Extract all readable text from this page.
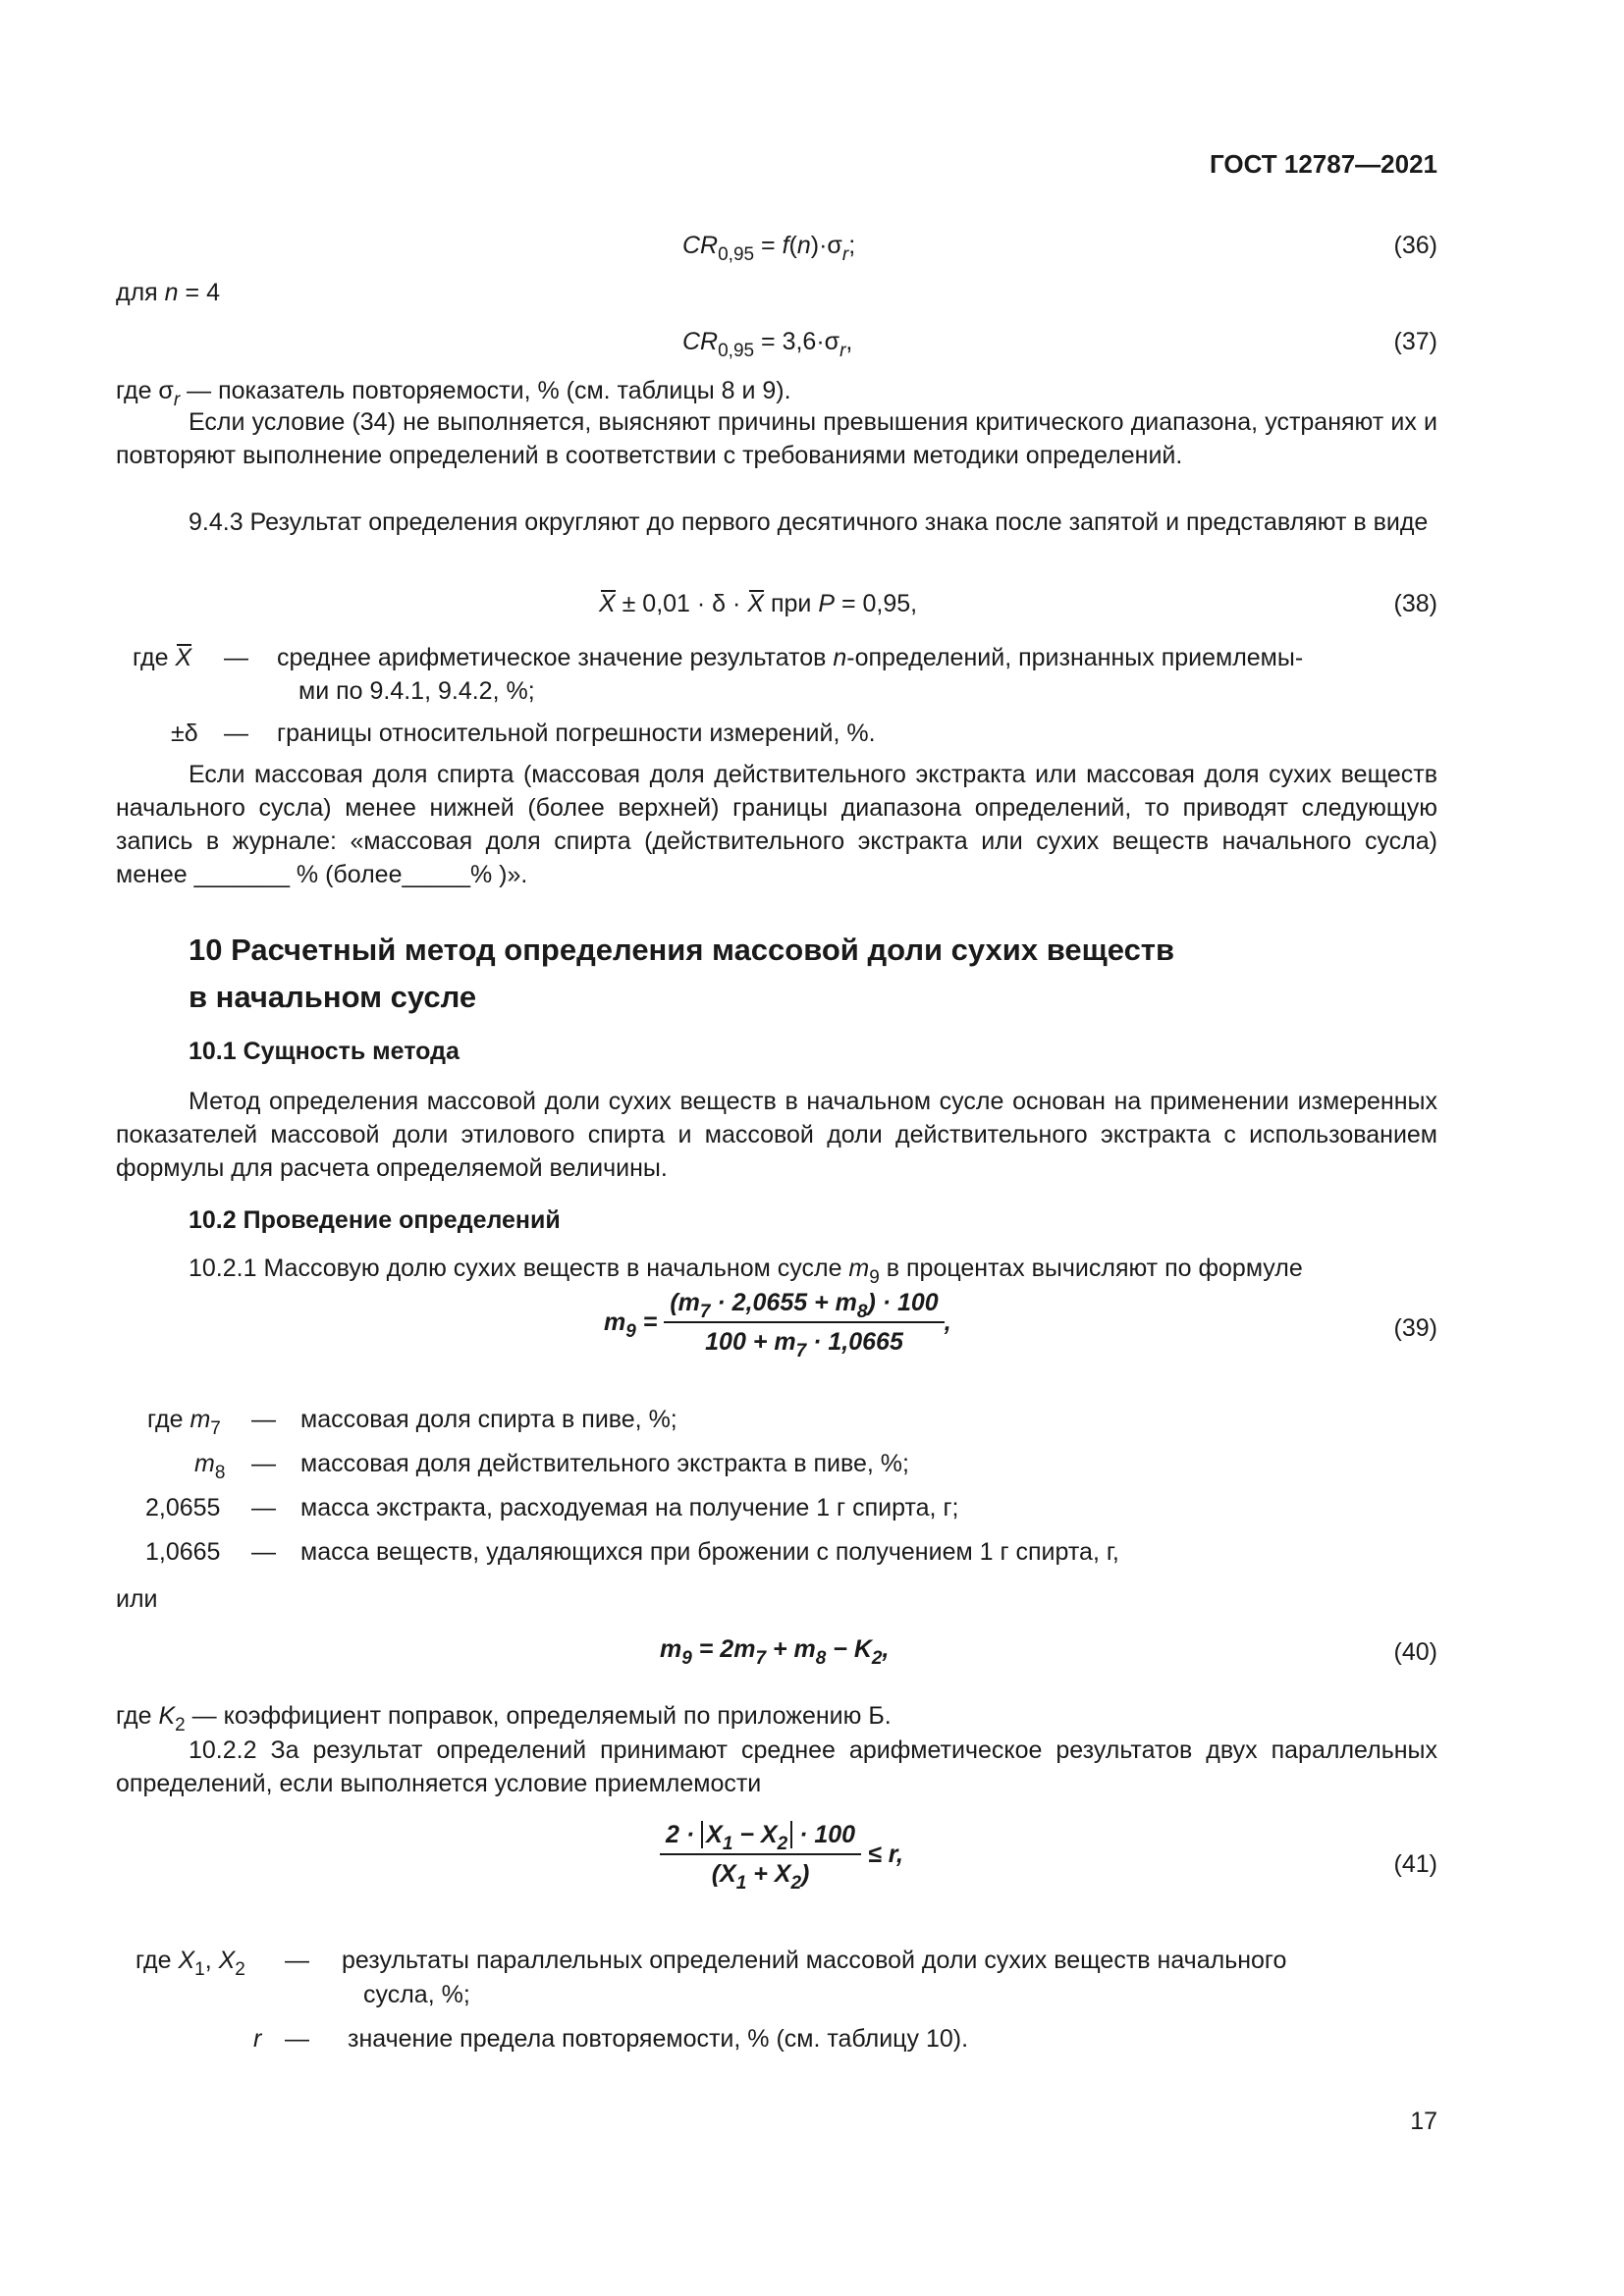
ГОСТ 12787—2021
$CR_{0,95} = f(n)\cdot\sigma_r$;	(36)
для n = 4
$CR_{0,95} = 3,6\cdot\sigma_r$,	(37)
где $\sigma_r$ — показатель повторяемости, % (см. таблицы 8 и 9).

Если условие (34) не выполняется, выясняют причины превышения критического диапазона, устраняют их и повторяют выполнение определений в соответствии с требованиями методики определений.

9.4.3 Результат определения округляют до первого десятичного знака после запятой и представляют в виде

X ± 0,01 · δ · X при P = 0,95,	(38)
где X — среднее арифметическое значение результатов n-определений, признанных приемлемы-
ми по 9.4.1, 9.4.2, %;
±δ — границы относительной погрешности измерений, %.

Если массовая доля спирта (массовая доля действительного экстракта или массовая доля сухих веществ начального сусла) менее нижней (более верхней) границы диапазона определений, то приводят следующую запись в журнале: «массовая доля спирта (действительного экстракта или сухих веществ начального сусла) менее _______ % (более_____% )».

10 Расчетный метод определения массовой доли сухих веществ
в начальном сусле
10.1 Сущность метода

Метод определения массовой доли сухих веществ в начальном сусле основан на применении измеренных показателей массовой доли этилового спирта и массовой доли действительного экстракта с использованием формулы для расчета определяемой величины.

10.2 Проведение определений
10.2.1 Массовую долю сухих веществ в начальном сусле $m_9$ в процентах вычисляют по формуле
$m_9 = \frac{(m_7 \cdot 2,0655 + m_8) \cdot 100}{100 + m_7 \cdot 1,0665}$ ,	(39)
где $m_7$ — массовая доля спирта в пиве, %;
$m_8$ — массовая доля действительного экстракта в пиве, %;
2,0655 — масса экстракта, расходуемая на получение 1 г спирта, г;
1,0665 — масса веществ, удаляющихся при брожении с получением 1 г спирта, г,
или
$m_9 = 2m_7 + m_8 - K_2$,	(40)
где $K_2$ — коэффициент поправок, определяемый по приложению Б.

10.2.2 За результат определений принимают среднее арифметическое результатов двух параллельных определений, если выполняется условие приемлемости

$\frac{2 \cdot X_1 - X_2 \cdot 100}{(X_1 + X_2)} \le r$,	(41)
где $X_1$, $X_2$ — результаты параллельных определений массовой доли сухих веществ начального
сусла, %;
r — значение предела повторяемости, % (см. таблицу 10).
17
